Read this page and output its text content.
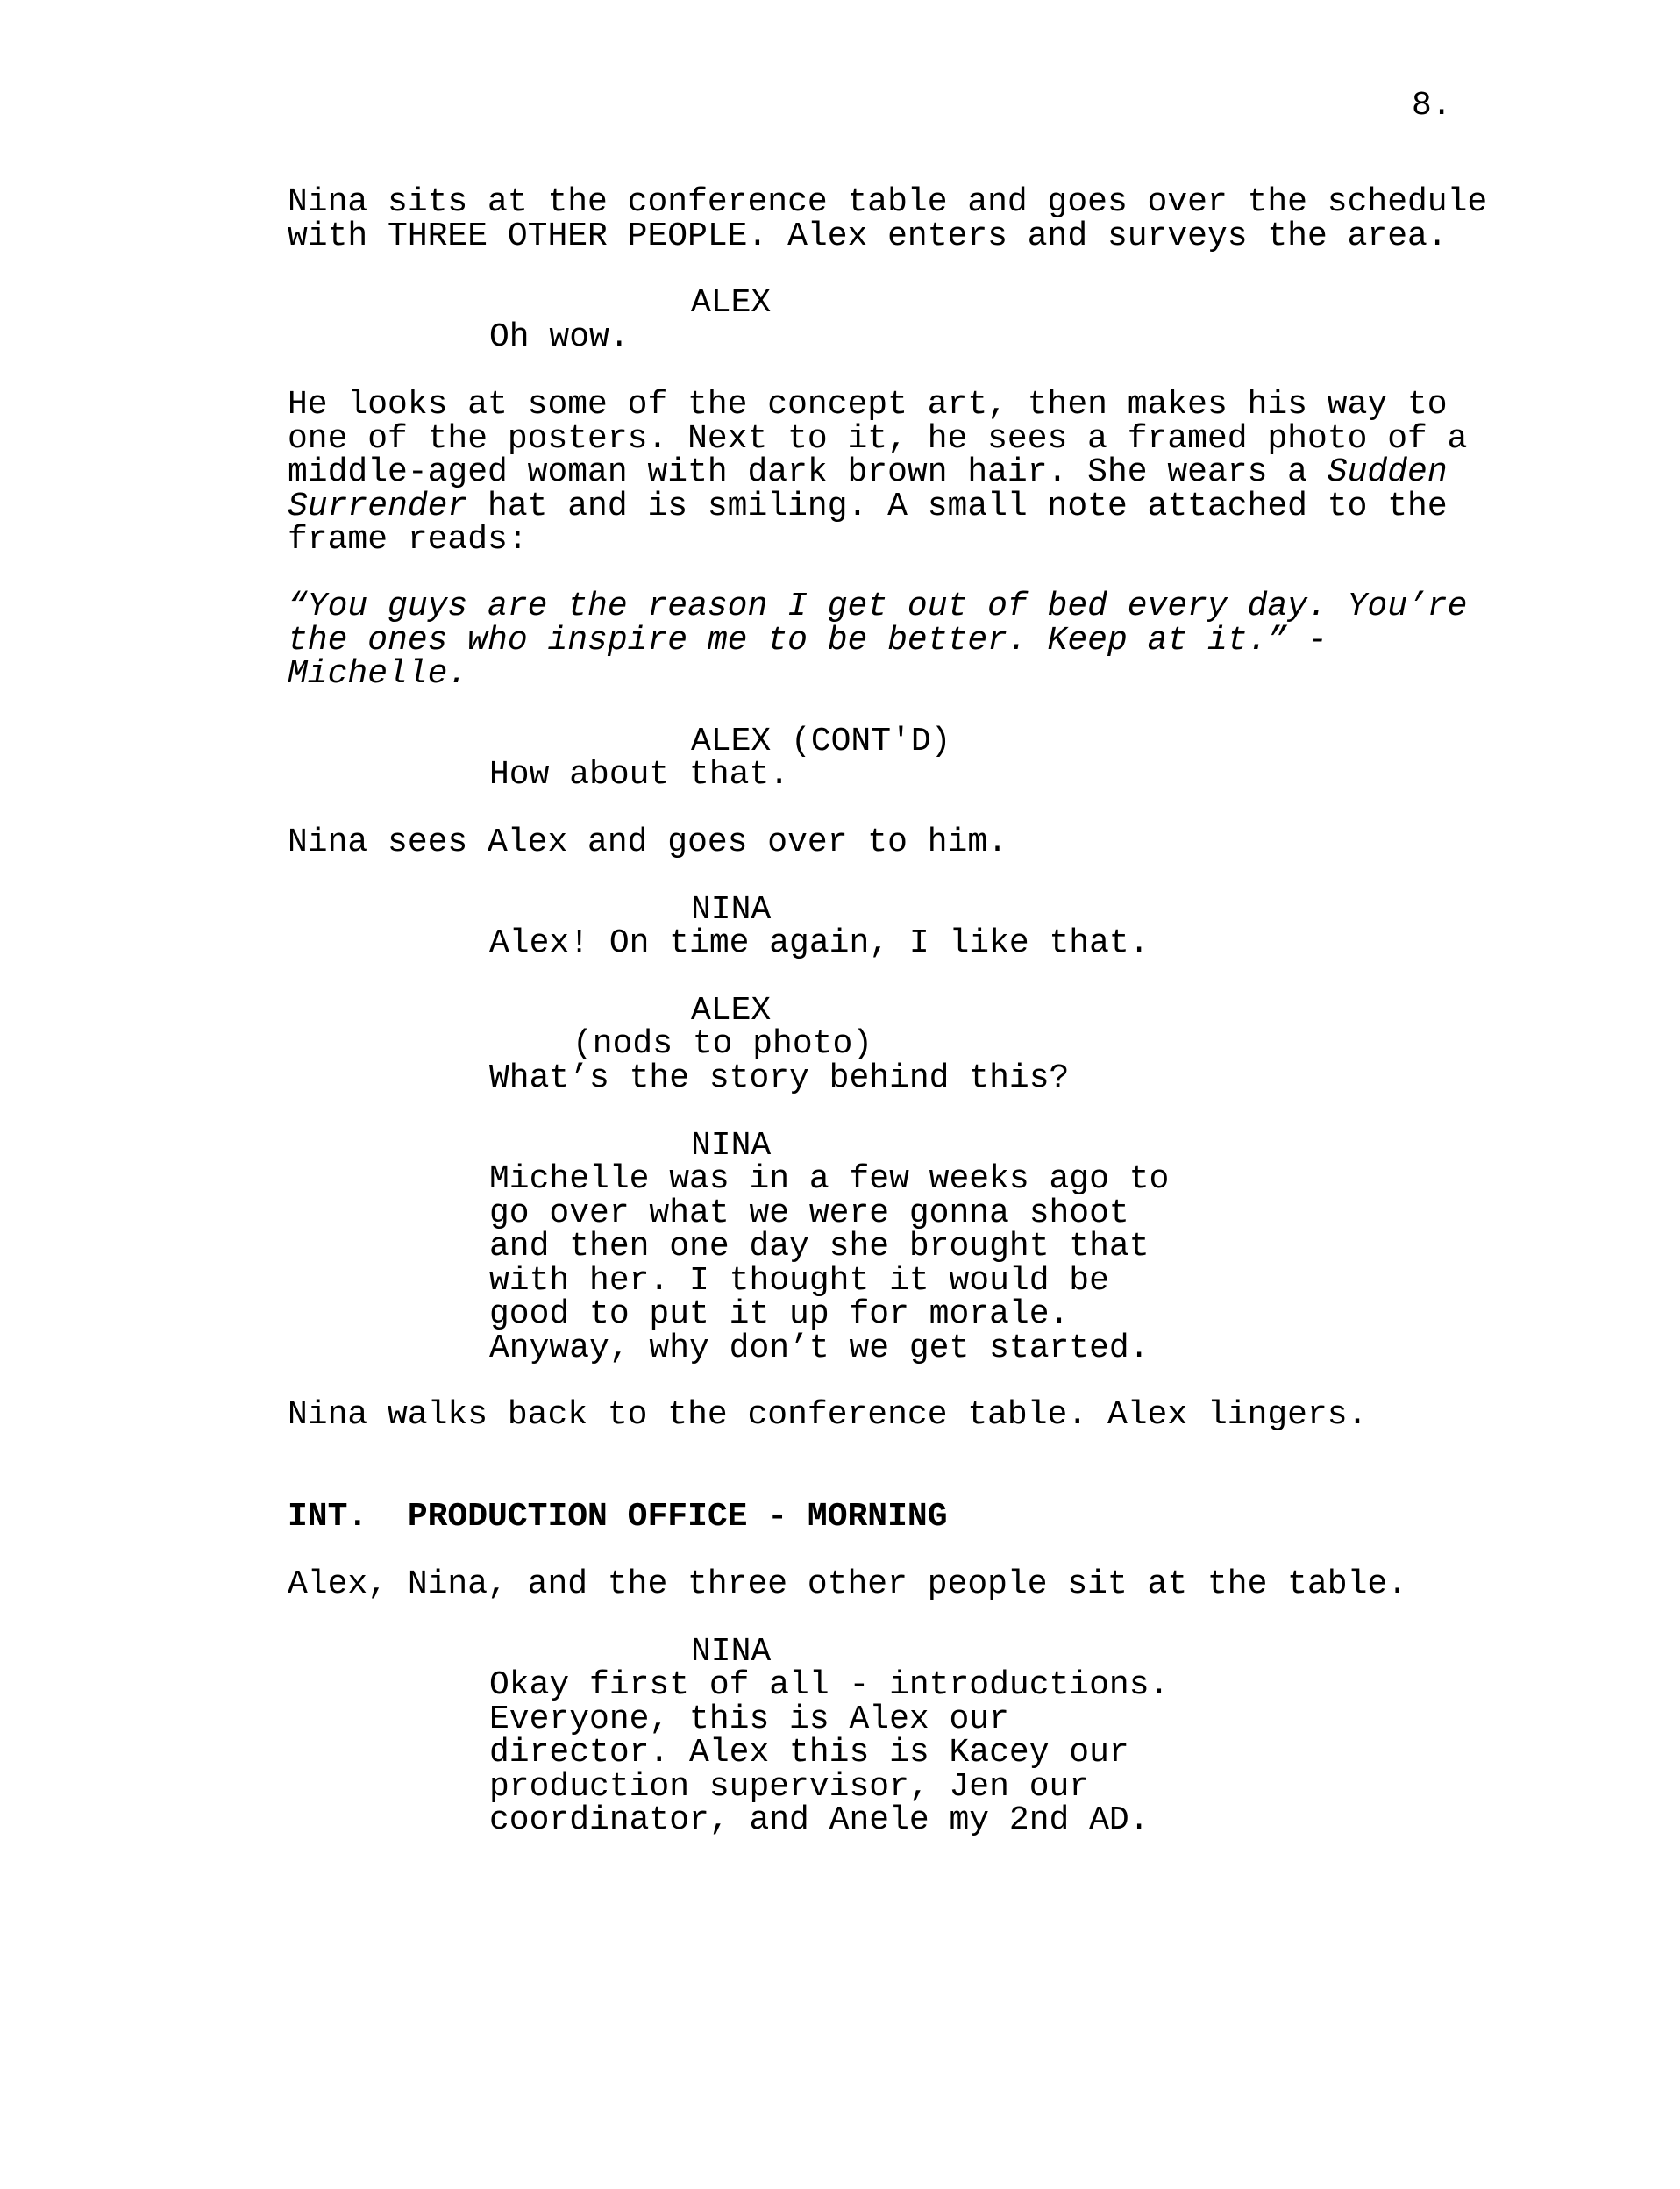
8.
Nina sits at the conference table and goes over the schedule
with THREE OTHER PEOPLE. Alex enters and surveys the area.
ALEX
Oh wow.
He looks at some of the concept art, then makes his way to
one of the posters. Next to it, he sees a framed photo of a
middle-aged woman with dark brown hair. She wears a Sudden
Surrender hat and is smiling. A small note attached to the
frame reads:
“You guys are the reason I get out of bed every day. You’re
the ones who inspire me to be better. Keep at it.” -
Michelle.
ALEX (CONT'D)
How about that.
Nina sees Alex and goes over to him.
NINA
Alex! On time again, I like that.
ALEX
(nods to photo)
What’s the story behind this?
NINA
Michelle was in a few weeks ago to
go over what we were gonna shoot
and then one day she brought that
with her. I thought it would be
good to put it up for morale.
Anyway, why don’t we get started.
Nina walks back to the conference table. Alex lingers.
INT.  PRODUCTION OFFICE - MORNING
Alex, Nina, and the three other people sit at the table.
NINA
Okay first of all - introductions.
Everyone, this is Alex our
director. Alex this is Kacey our
production supervisor, Jen our
coordinator, and Anele my 2nd AD.
